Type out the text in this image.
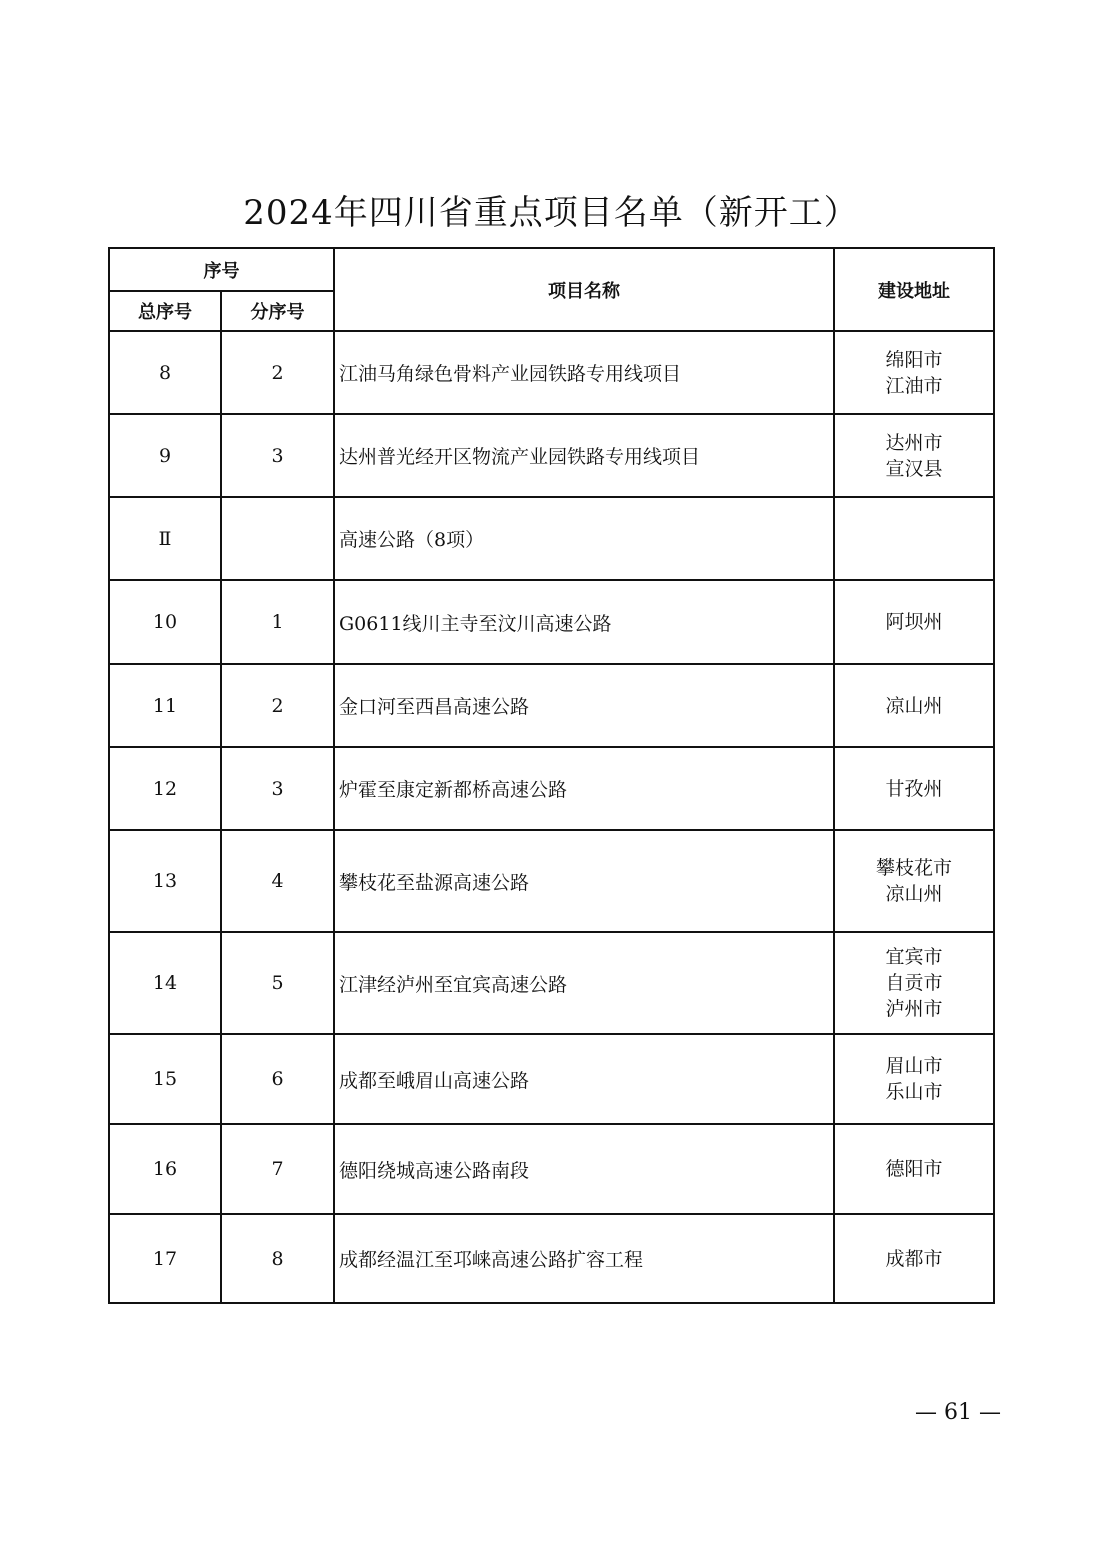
2024年四川省重点项目名单（新开工）
序号		项目名称	建设地址
总序号	分序号		
8	2	江油马角绿色骨料产业园铁路专用线项目	绵阳市
江油市

9	3	达州普光经开区物流产业园铁路专用线项目	达州市
宣汉县

Ⅱ		高速公路（8项）	
10	1	G0611线川主寺至汶川高速公路	阿坝州

11	2	金口河至西昌高速公路	凉山州

12	3	炉霍至康定新都桥高速公路	甘孜州

13	4	攀枝花至盐源高速公路	攀枝花市
凉山州

14	5	江津经泸州至宜宾高速公路	宜宾市
自贡市
泸州市

15	6	成都至峨眉山高速公路	眉山市
乐山市

16	7	德阳绕城高速公路南段	德阳市

17	8	成都经温江至邛崃高速公路扩容工程	成都市
— 61 —
